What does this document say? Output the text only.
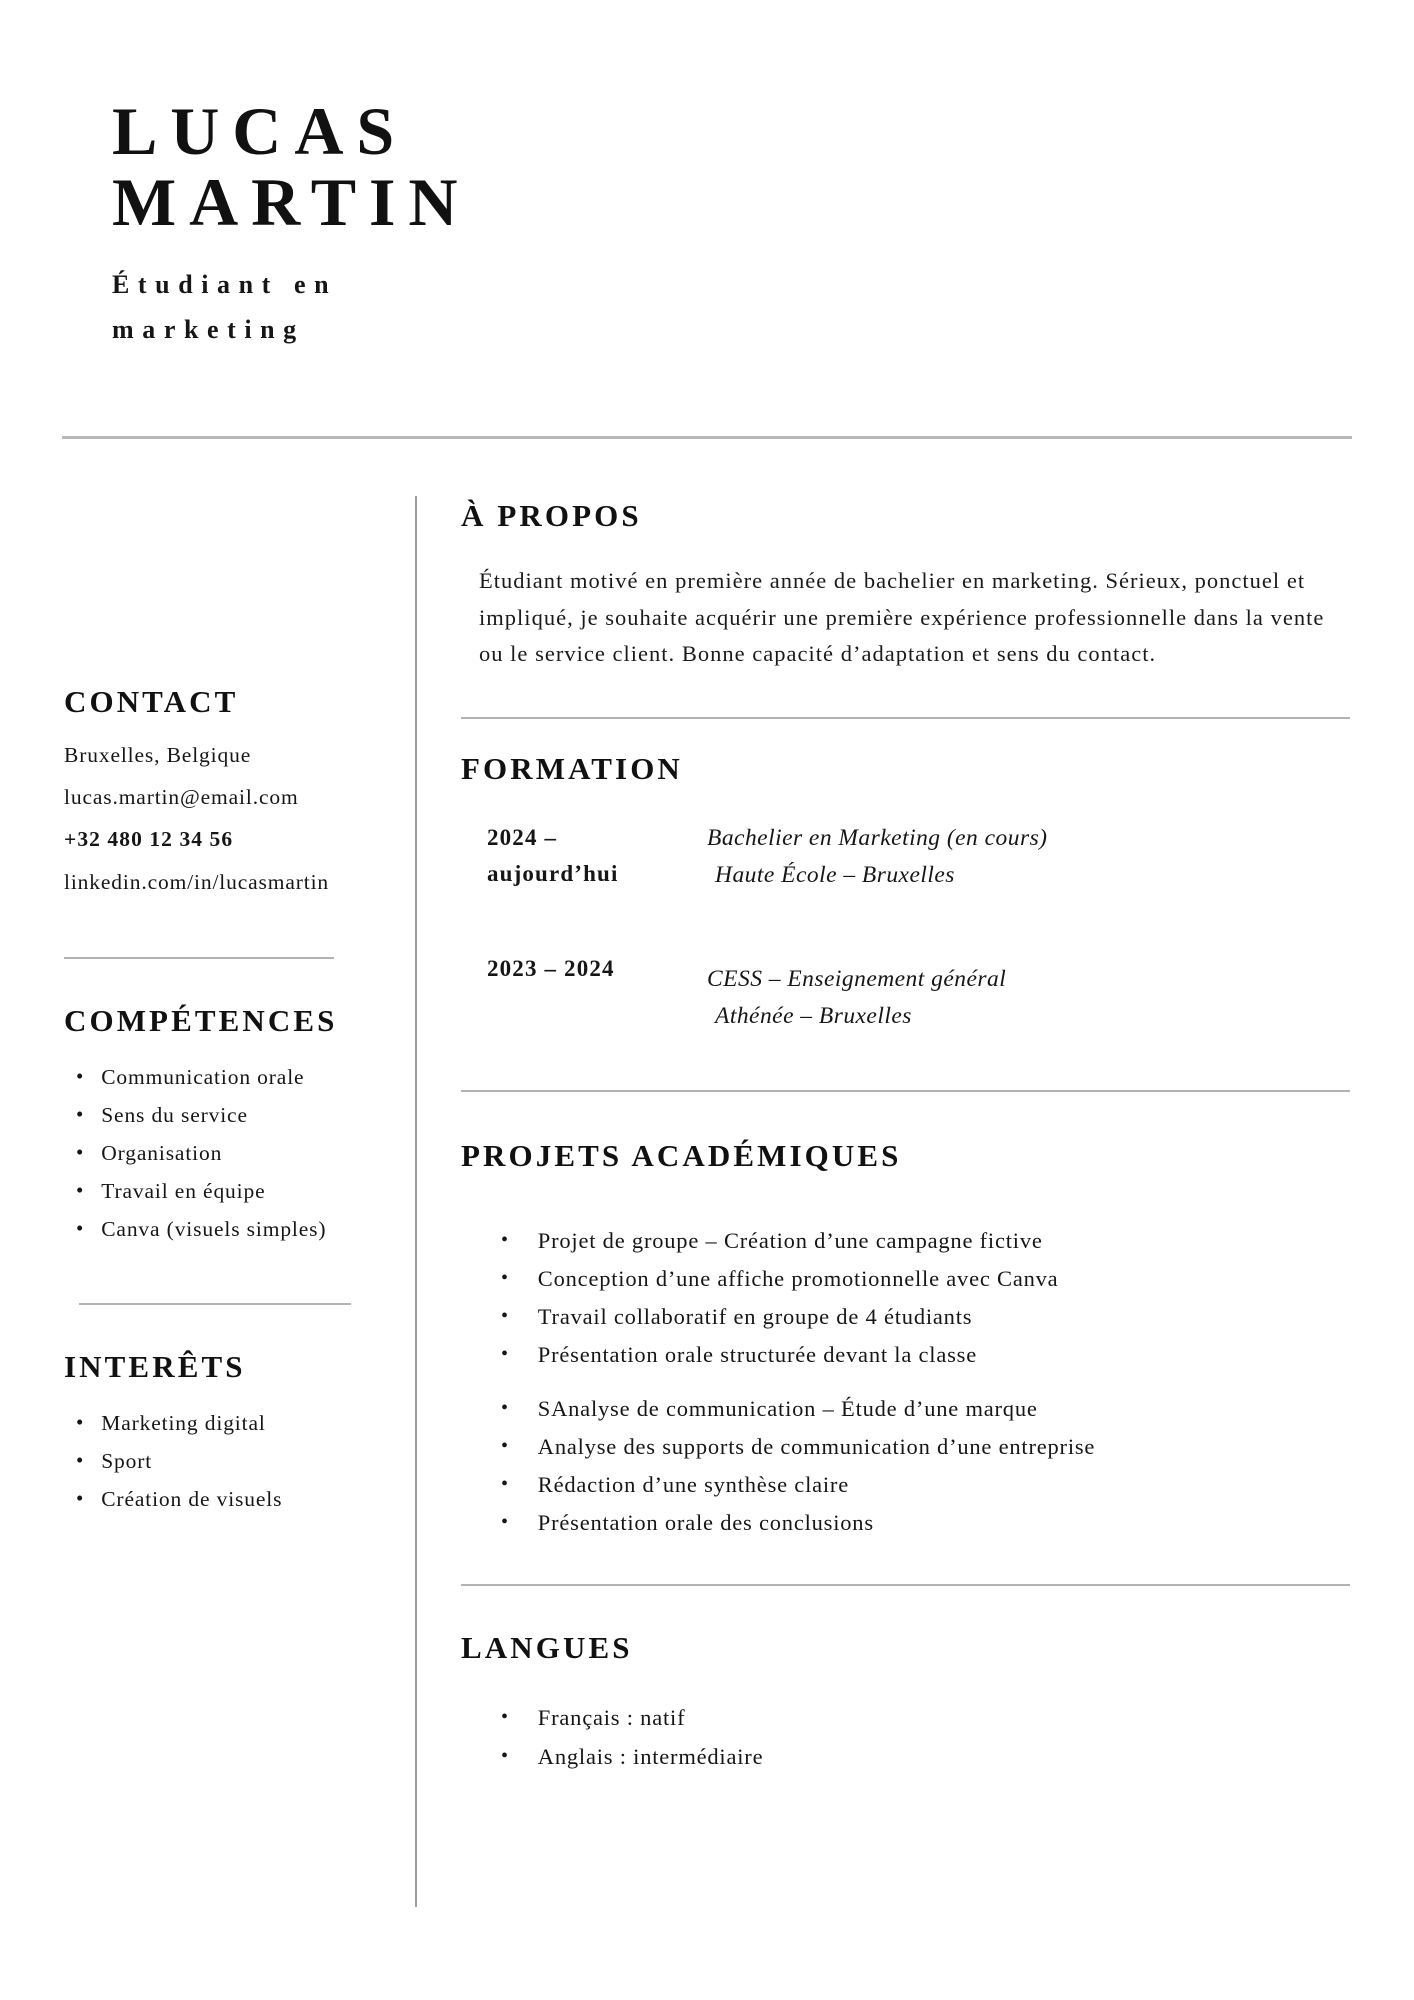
LUCAS
MARTIN
Étudiant en
marketing
CONTACT
Bruxelles, Belgique
lucas.martin@email.com
+32 480 12 34 56
linkedin.com/in/lucasmartin
COMPÉTENCES
• Communication orale
• Sens du service
• Organisation
• Travail en équipe
• Canva (visuels simples)
INTERÊTS
• Marketing digital
• Sport
• Création de visuels
À PROPOS
Étudiant motivé en première année de bachelier en marketing. Sérieux, ponctuel et impliqué, je souhaite acquérir une première expérience professionnelle dans la vente ou le service client. Bonne capacité d’adaptation et sens du contact.
FORMATION
2024 – aujourd’hui
Bachelier en Marketing (en cours)
Haute École – Bruxelles
2023 – 2024	CESS – Enseignement général
Athénée – Bruxelles
PROJETS ACADÉMIQUES
• Projet de groupe – Création d’une campagne fictive
• Conception d’une affiche promotionnelle avec Canva
• Travail collaboratif en groupe de 4 étudiants
• Présentation orale structurée devant la classe
• SAnalyse de communication – Étude d’une marque
• Analyse des supports de communication d’une entreprise
• Rédaction d’une synthèse claire
• Présentation orale des conclusions
LANGUES
• Français : natif
• Anglais : intermédiaire
